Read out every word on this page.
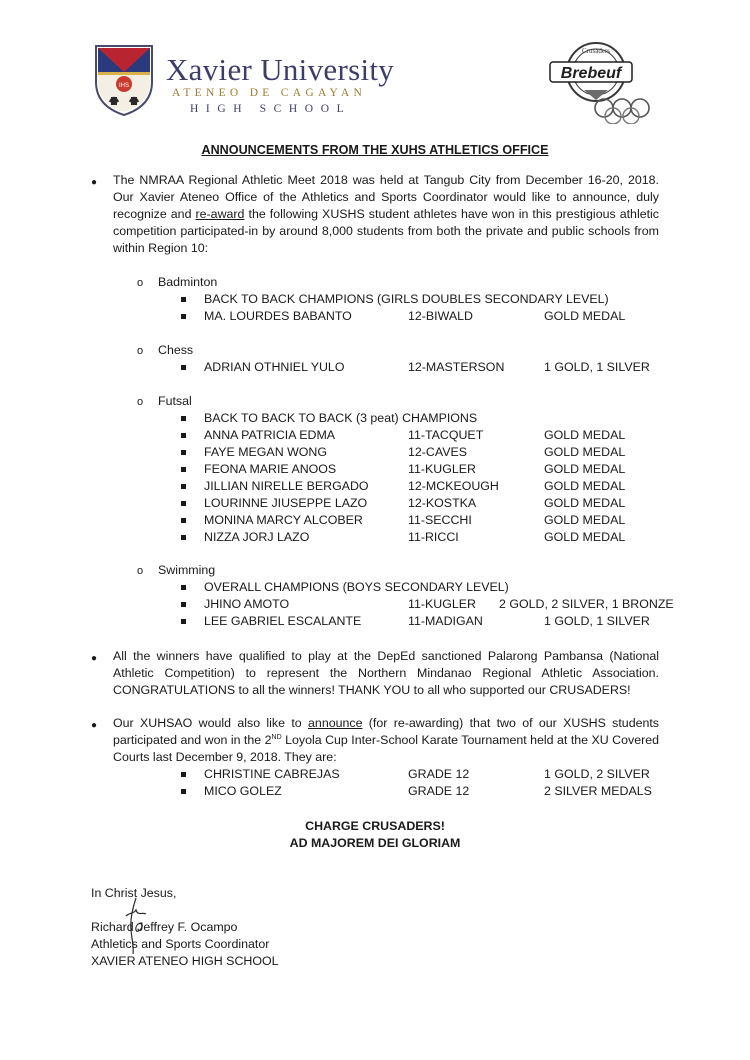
IHS Xavier University
ATENEO DE CAGAYAN
HIGH SCHOOL
Crusaders
Brebeuf
ANNOUNCEMENTS FROM THE XUHS ATHLETICS OFFICE
● The NMRAA Regional Athletic Meet 2018 was held at Tangub City from December 16-20, 2018. Our Xavier Ateneo Office of the Athletics and Sports Coordinator would like to announce, duly recognize and re-award the following XUSHS student athletes have won in this prestigious athletic competition participated-in by around 8,000 students from both the private and public schools from within Region 10:
o Badminton
BACK TO BACK CHAMPIONS (GIRLS DOUBLES SECONDARY LEVEL)
MA. LOURDES BABANTO	12-BIWALD	GOLD MEDAL
o Chess
ADRIAN OTHNIEL YULO	12-MASTERSON	1 GOLD, 1 SILVER
o Futsal
BACK TO BACK TO BACK (3 peat) CHAMPIONS
ANNA PATRICIA EDMA	11-TACQUET	GOLD MEDAL
FAYE MEGAN WONG	12-CAVES	GOLD MEDAL
FEONA MARIE ANOOS	11-KUGLER	GOLD MEDAL
JILLIAN NIRELLE BERGADO	12-MCKEOUGH	GOLD MEDAL
LOURINNE JIUSEPPE LAZO	12-KOSTKA	GOLD MEDAL
MONINA MARCY ALCOBER	11-SECCHI	GOLD MEDAL
NIZZA JORJ LAZO	11-RICCI	GOLD MEDAL
o Swimming
OVERALL CHAMPIONS (BOYS SECONDARY LEVEL)
JHINO AMOTO	11-KUGLER 2 GOLD, 2 SILVER, 1 BRONZE
LEE GABRIEL ESCALANTE	11-MADIGAN	1 GOLD, 1 SILVER
● All the winners have qualified to play at the DepEd sanctioned Palarong Pambansa (National Athletic Competition) to represent the Northern Mindanao Regional Athletic Association. CONGRATULATIONS to all the winners! THANK YOU to all who supported our CRUSADERS!
● Our XUHSAO would also like to announce (for re-awarding) that two of our XUSHS students participated and won in the 2ND Loyola Cup Inter-School Karate Tournament held at the XU Covered Courts last December 9, 2018. They are:
CHRISTINE CABREJAS	GRADE 12	1 GOLD, 2 SILVER
MICO GOLEZ	GRADE 12	2 SILVER MEDALS
CHARGE CRUSADERS!
AD MAJOREM DEI GLORIAM
In Christ Jesus,
Richard Jeffrey F. Ocampo
Athletics and Sports Coordinator
XAVIER ATENEO HIGH SCHOOL
